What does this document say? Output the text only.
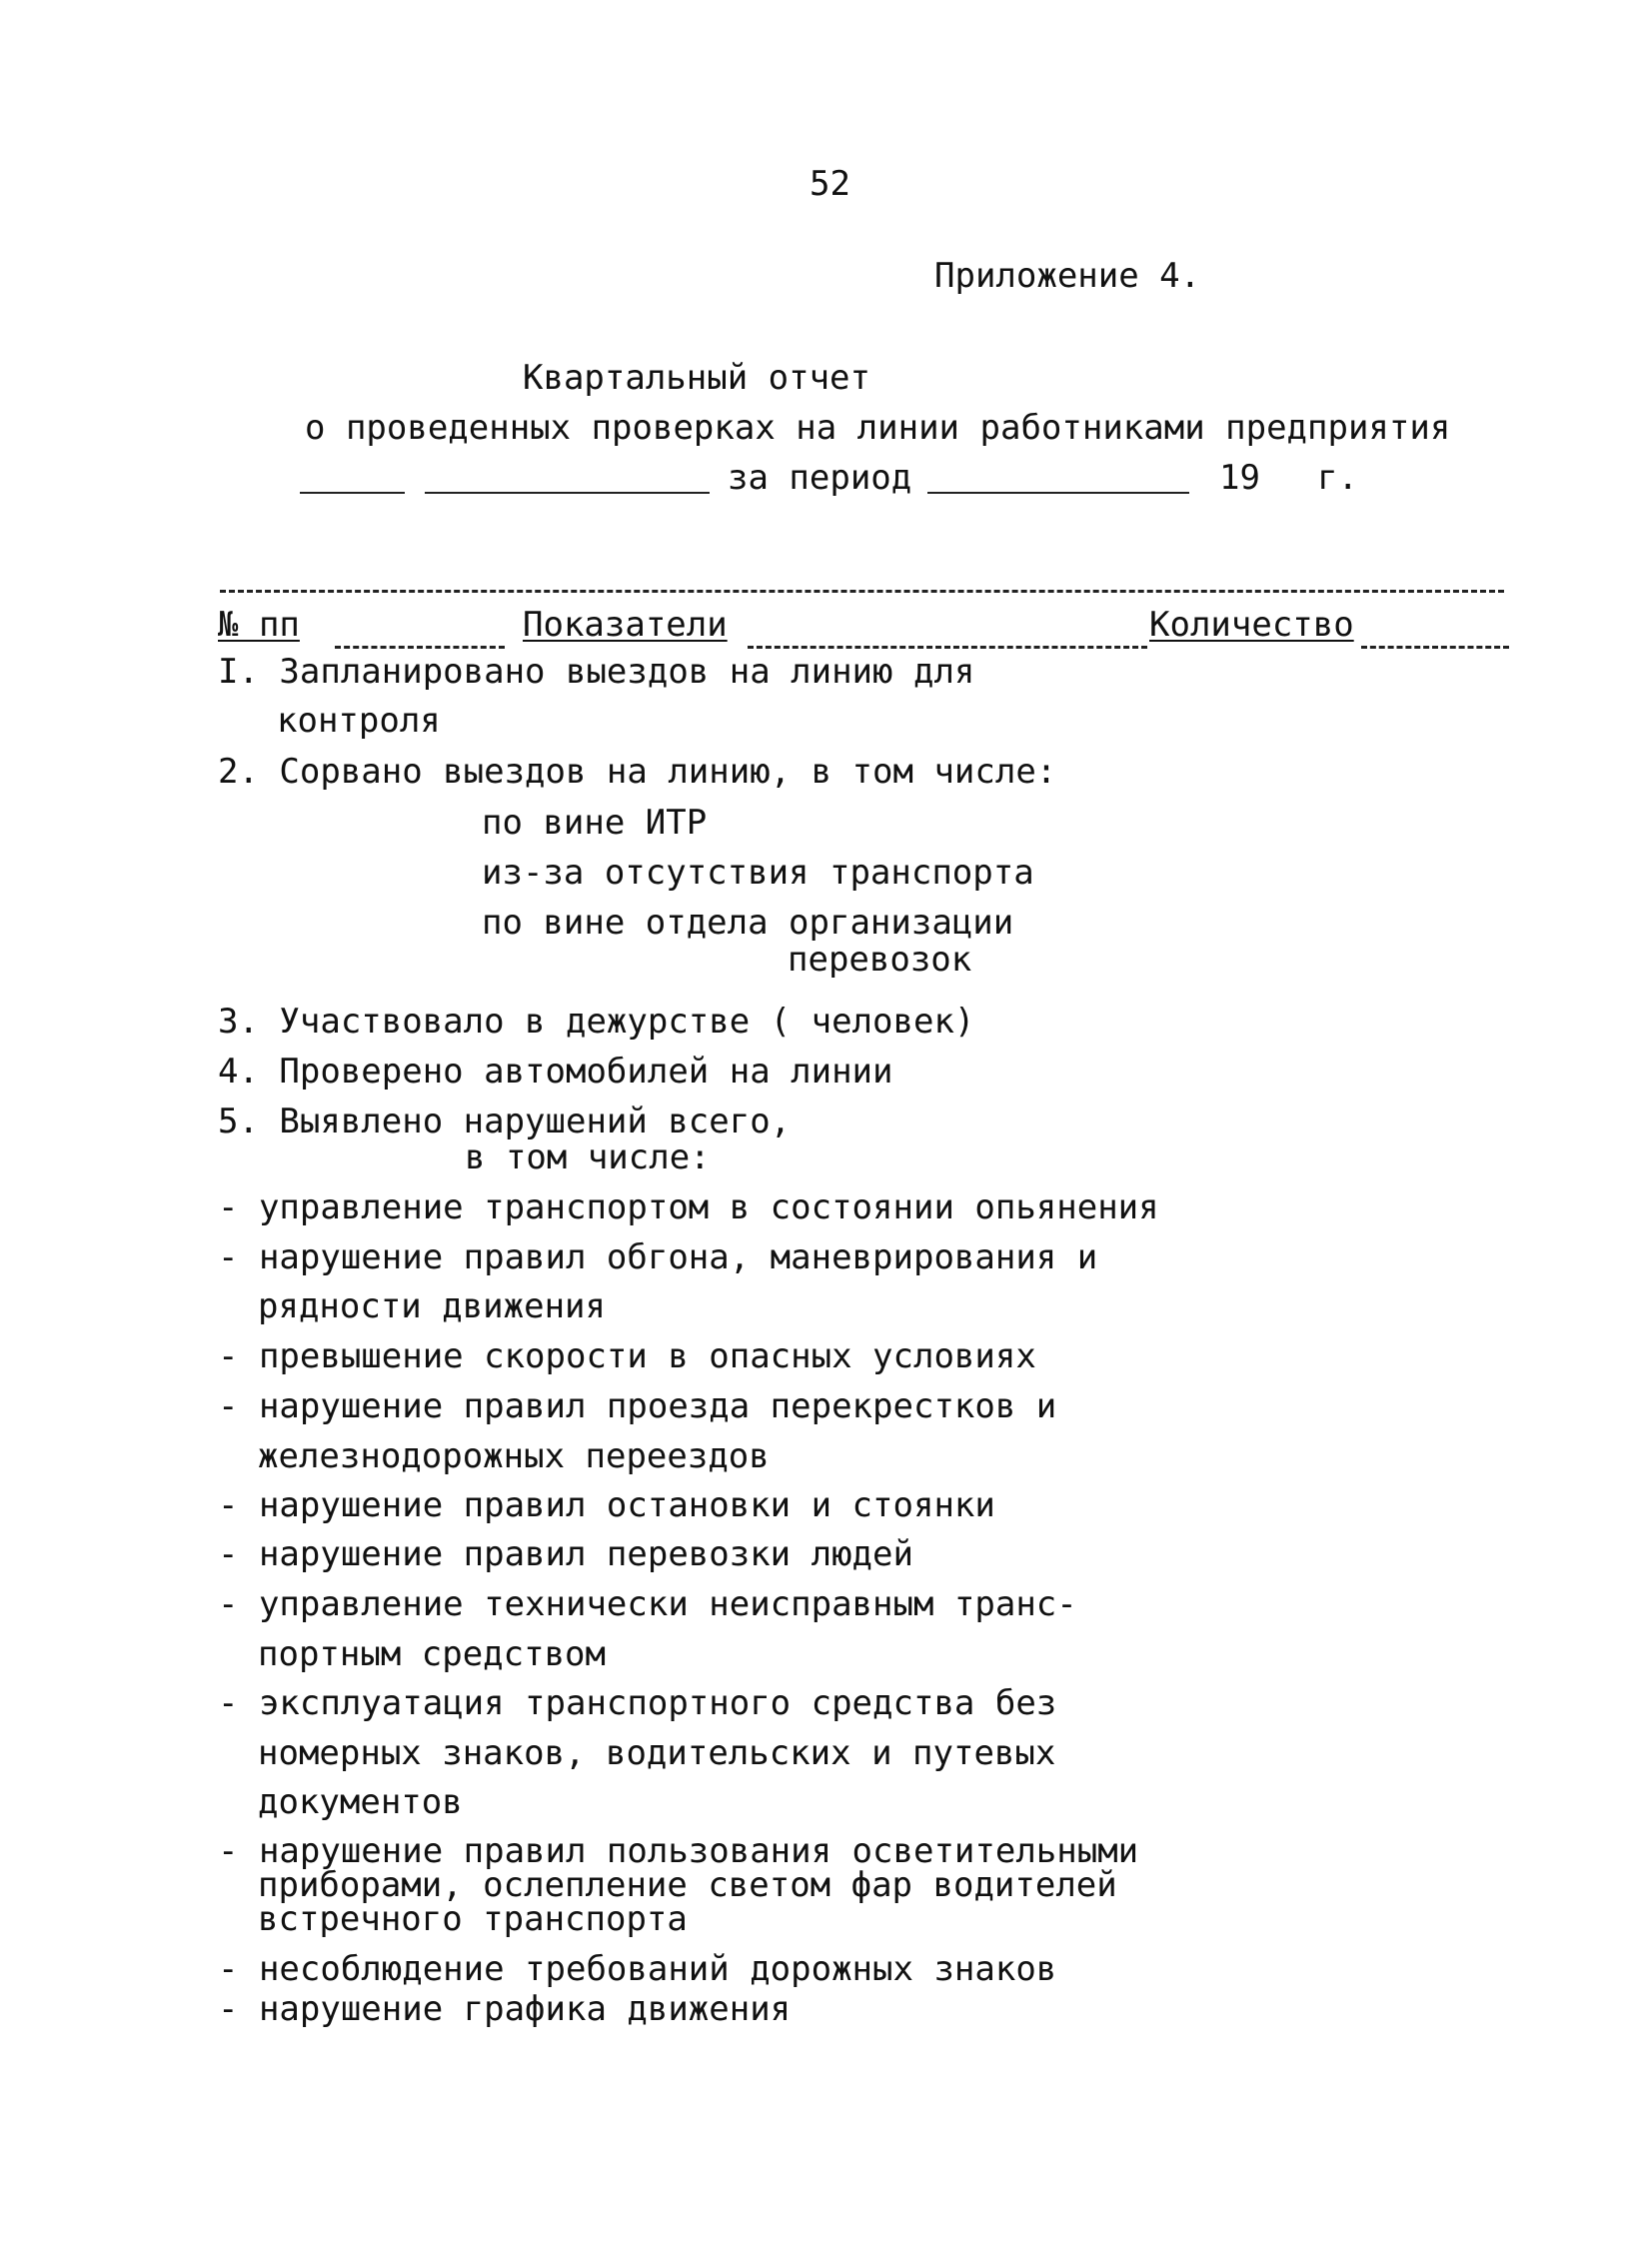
52
Приложение 4.
Квартальный отчет
о проведенных проверках на линии работниками предприятия
за период	19 г.
№ пп	Показатели	Количество
I. Запланировано выездов на линию для
контроля
2. Сорвано выездов на линию, в том числе:
по вине ИТР
из-за отсутствия транспорта
по вине отдела организации
перевозок
3. Участвовало в дежурстве ( человек)
4. Проверено автомобилей на линии
5. Выявлено нарушений всего,
в том числе:
- управление транспортом в состоянии опьянения
- нарушение правил обгона, маневрирования и
рядности движения
- превышение скорости в опасных условиях
- нарушение правил проезда перекрестков и
железнодорожных переездов
- нарушение правил остановки и стоянки
- нарушение правил перевозки людей
- управление технически неисправным транс-
портным средством
- эксплуатация транспортного средства без
номерных знаков, водительских и путевых
документов
- нарушение правил пользования осветительными
приборами, ослепление светом фар водителей
встречного транспорта
- несоблюдение требований дорожных знаков
- нарушение графика движения
